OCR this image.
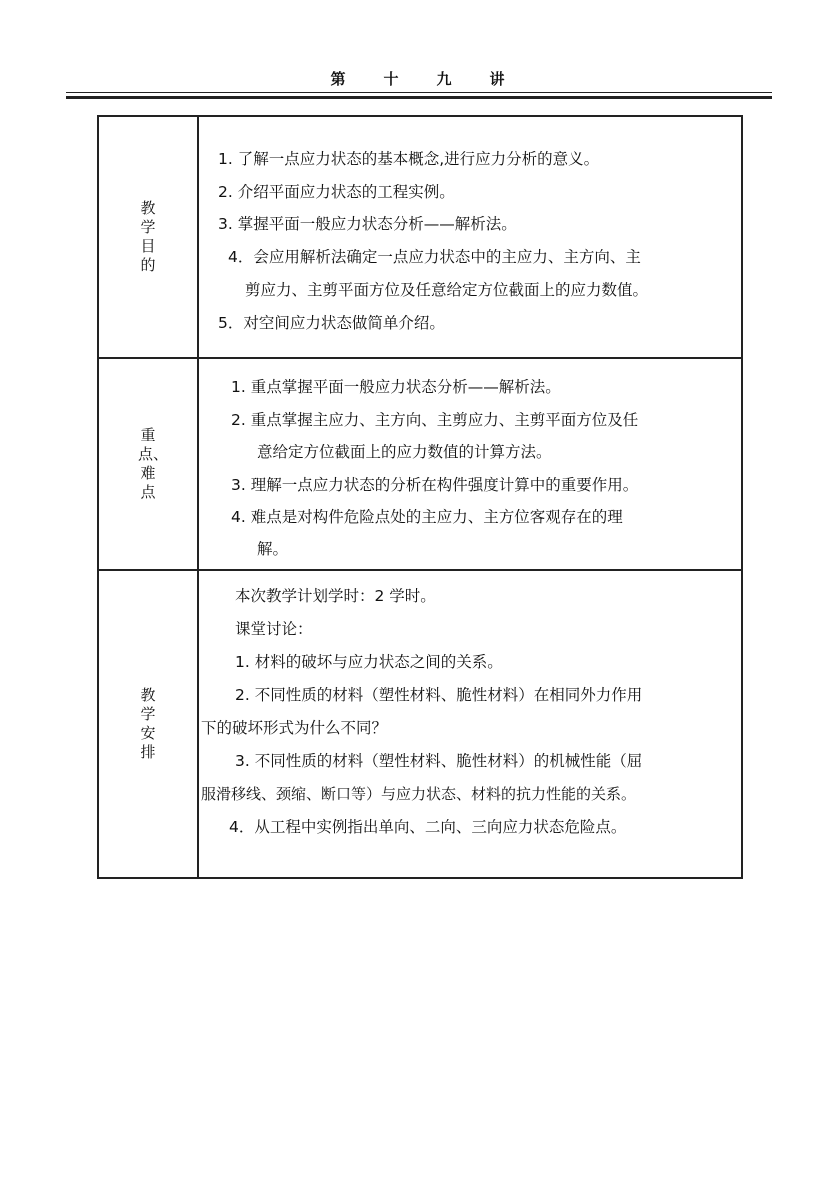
第	十	九	讲
教学目的
1. 了解一点应力状态的基本概念,进行应力分析的意义。
2. 介绍平面应力状态的工程实例。
3. 掌握平面一般应力状态分析——解析法。
4．会应用解析法确定一点应力状态中的主应力、主方向、主
剪应力、主剪平面方位及任意给定方位截面上的应力数值。
5．对空间应力状态做简单介绍。
重点、难点
1. 重点掌握平面一般应力状态分析——解析法。
2. 重点掌握主应力、主方向、主剪应力、主剪平面方位及任
意给定方位截面上的应力数值的计算方法。
3. 理解一点应力状态的分析在构件强度计算中的重要作用。
4. 难点是对构件危险点处的主应力、主方位客观存在的理
解。
教学安排
本次教学计划学时：2 学时。
课堂讨论：
1. 材料的破坏与应力状态之间的关系。
2. 不同性质的材料（塑性材料、脆性材料）在相同外力作用
下的破坏形式为什么不同？
3. 不同性质的材料（塑性材料、脆性材料）的机械性能（屈
服滑移线、颈缩、断口等）与应力状态、材料的抗力性能的关系。
4．从工程中实例指出单向、二向、三向应力状态危险点。
